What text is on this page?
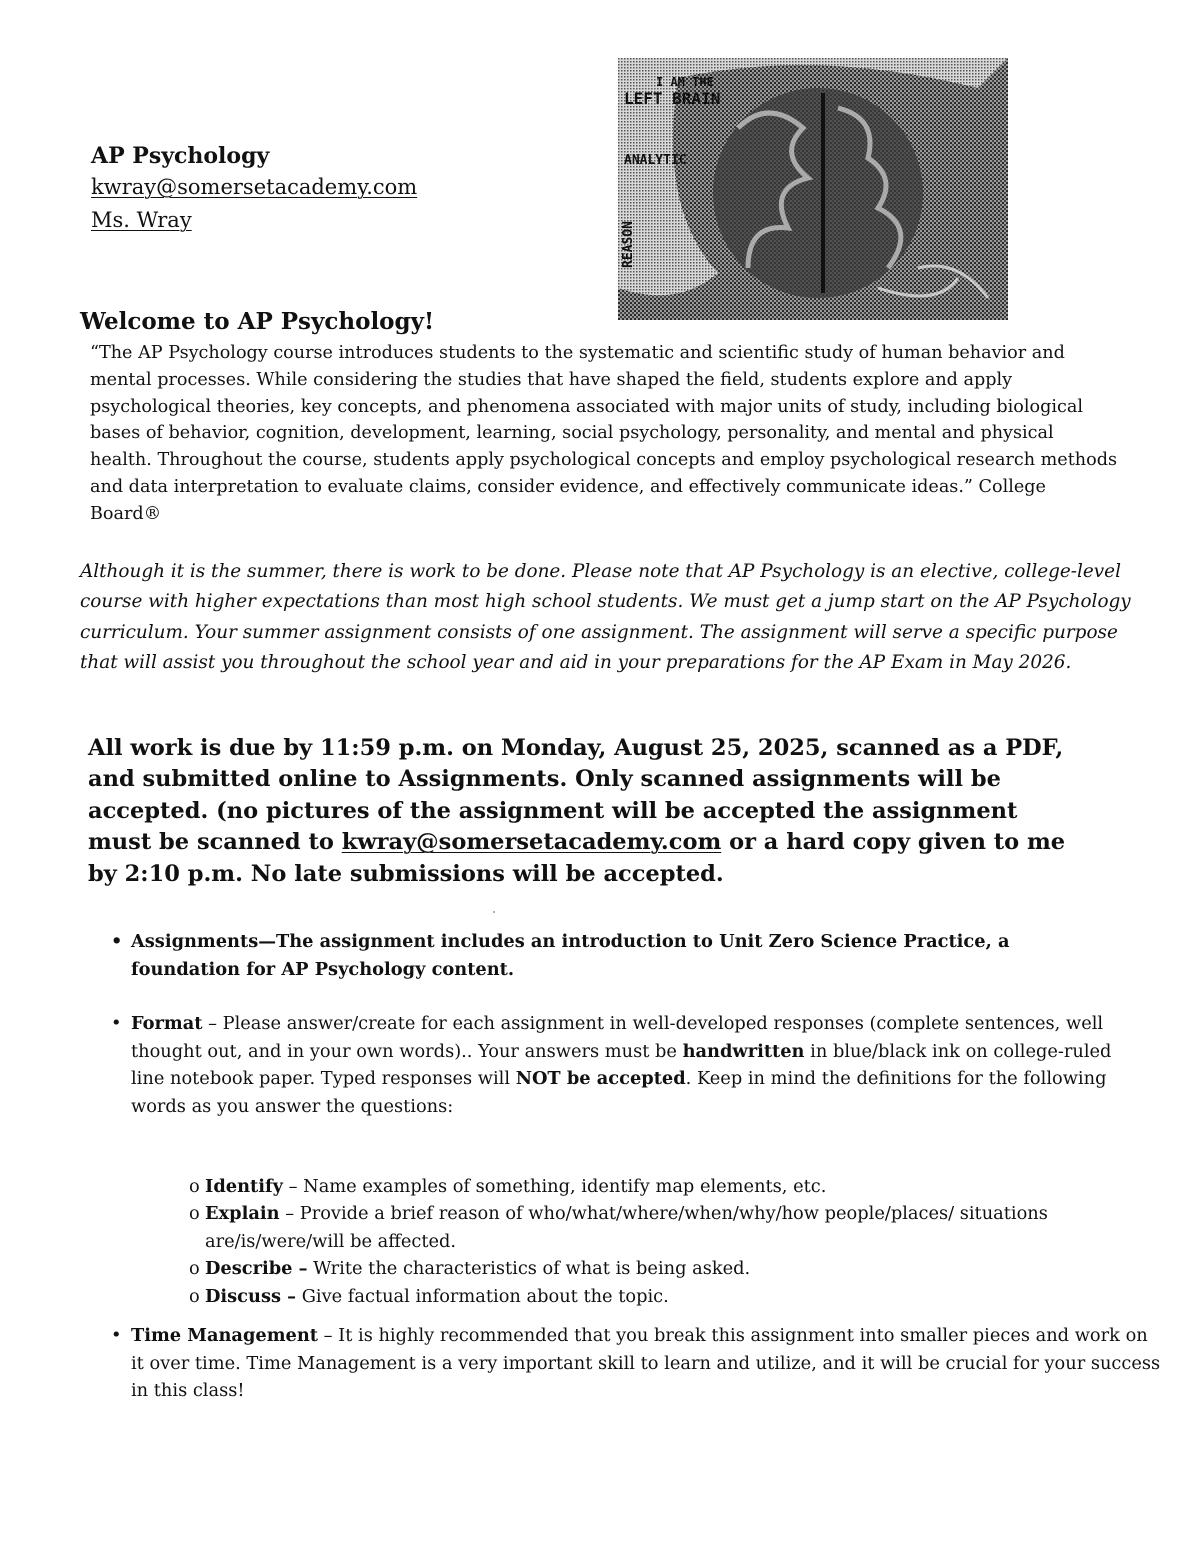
AP Psychology
kwray@somersetacademy.com
Ms. Wray
I AM THE
LEFT BRAIN
ANALYTIC
REASON
Welcome to AP Psychology!
“The AP Psychology course introduces students to the systematic and scientific study of human behavior and mental processes. While considering the studies that have shaped the field, students explore and apply psychological theories, key concepts, and phenomena associated with major units of study, including biological bases of behavior, cognition, development, learning, social psychology, personality, and mental and physical health. Throughout the course, students apply psychological concepts and employ psychological research methods and data interpretation to evaluate claims, consider evidence, and effectively communicate ideas.” College Board®
Although it is the summer, there is work to be done. Please note that AP Psychology is an elective, college-level course with higher expectations than most high school students. We must get a jump start on the AP Psychology curriculum. Your summer assignment consists of one assignment. The assignment will serve a specific purpose that will assist you throughout the school year and aid in your preparations for the AP Exam in May 2026.
All work is due by 11:59 p.m. on Monday, August 25, 2025, scanned as a PDF, and submitted online to Assignments. Only scanned assignments will be accepted. (no pictures of the assignment will be accepted the assignment must be scanned to kwray@somersetacademy.com or a hard copy given to me by 2:10 p.m. No late submissions will be accepted.
• Assignments—The assignment includes an introduction to Unit Zero Science Practice, a foundation for AP Psychology content.
• Format – Please answer/create for each assignment in well-developed responses (complete sentences, well thought out, and in your own words).. Your answers must be handwritten in blue/black ink on college-ruled line notebook paper. Typed responses will NOT be accepted. Keep in mind the definitions for the following words as you answer the questions:
o Identify – Name examples of something, identify map elements, etc.
o Explain – Provide a brief reason of who/what/where/when/why/how people/places/ situations are/is/were/will be affected.
o Describe – Write the characteristics of what is being asked.
o Discuss – Give factual information about the topic.
• Time Management – It is highly recommended that you break this assignment into smaller pieces and work on it over time. Time Management is a very important skill to learn and utilize, and it will be crucial for your success in this class!
